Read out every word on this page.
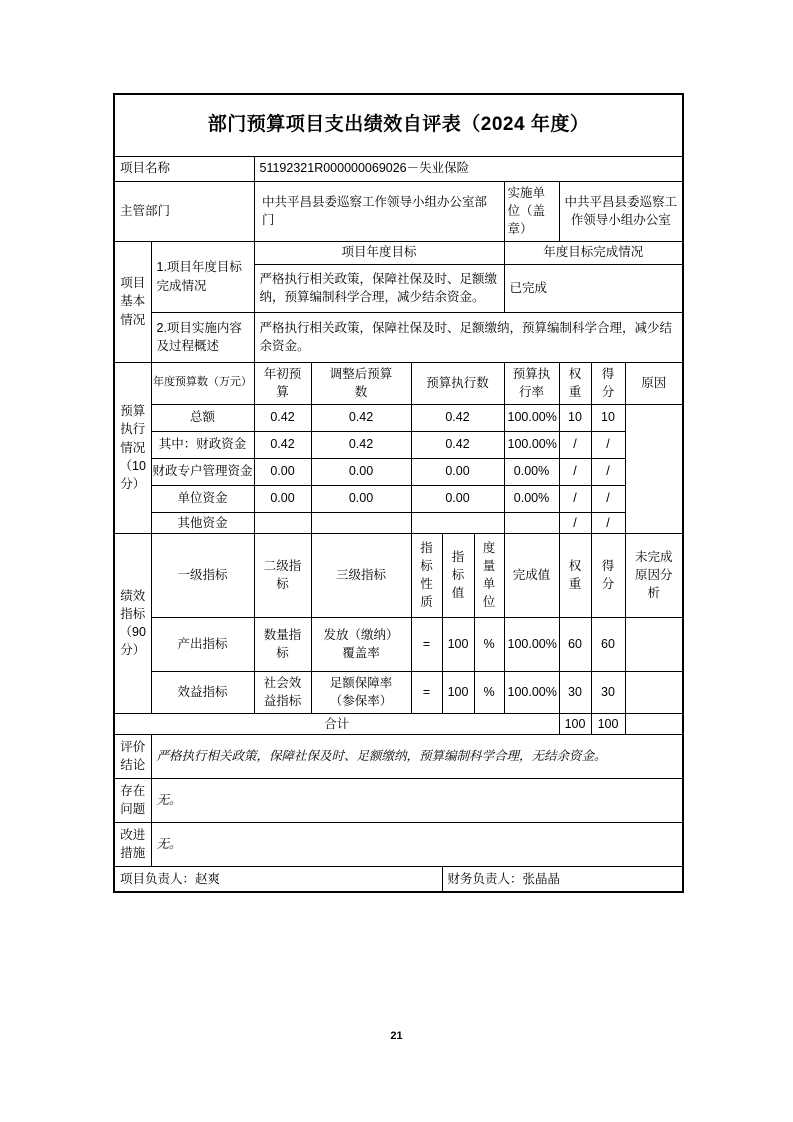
部门预算项目支出绩效自评表（2024 年度）										
项目名称		51192321R000000069026－失业保险								
主管部门		中共平昌县委巡察工作领导小组办公室部门					实施单位（盖章）	中共平昌县委巡察工作领导小组办公室		
项目基本情况	1.项目年度目标完成情况	项目年度目标					年度目标完成情况			
		严格执行相关政策，保障社保及时、足额缴纳，预算编制科学合理，减少结余资金。					已完成			
	2.项目实施内容及过程概述	严格执行相关政策，保障社保及时、足额缴纳，预算编制科学合理，减少结余资金。								
预算执行情况（10分）	年度预算数（万元）	年初预算	调整后预算数	预算执行数			预算执行率	权重	得分	原因
	总额	0.42	0.42	0.42			100.00%	10	10	
	其中：财政资金	0.42	0.42	0.42			100.00%	/	/	
	财政专户管理资金	0.00	0.00	0.00			0.00%	/	/	
	单位资金	0.00	0.00	0.00			0.00%	/	/	
	其他资金							/	/	
绩效指标（90分）	一级指标	二级指标	三级指标	指标性质	指标值	度量单位	完成值	权重	得分	未完成原因分析
	产出指标	数量指标	发放（缴纳）覆盖率	=	100	%	100.00%	60	60	
	效益指标	社会效益指标	足额保障率（参保率）	=	100	%	100.00%	30	30	
合计								100	100	
评价结论	严格执行相关政策，保障社保及时、足额缴纳，预算编制科学合理，无结余资金。									
存在问题	无。									
改进措施	无。									
项目负责人：赵爽					财务负责人：张晶晶					
21
